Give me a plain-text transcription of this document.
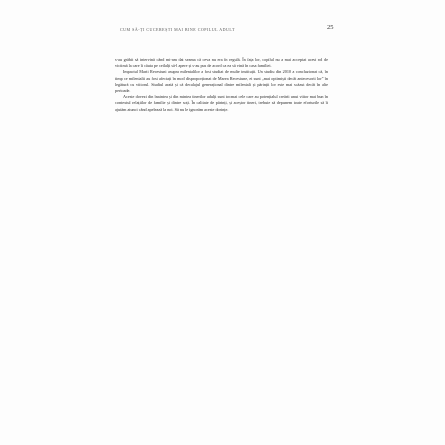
CUM SĂ-ȚI CUCEREȘTI MAI BINE COPILUL ADULT	25

s-au grăbit să intervină când mi-am dat seama că ceva nu era în regulă. În fața lor, copilul nu a mai acceptat acest rol de victimă la care îi căuta pe ceilalți să-l apere și s-au pus de acord ca ea să vină în casa familiei.

Impactul Marii Recesiuni asupra milenialilor a fost studiat de multe instituții. Un studiu din 2010 a concluzionat că, în timp ce milenialii au fost afectați în mod disproporționat de Marea Recesiune, ei sunt „mai optimiști decât antecesorii lor” în legătură cu viitorul. Studiul arată și că decalajul generațional dintre mileniali și părinții lor este mai scăzut decât în alte perioade.

Aceste dovezi din înaintea și din mintea tinerilor adulți sunt tocmai cele care au potențialul creării unui viitor mai bun în contextul relațiilor de familie și dintre soți. În calitate de părinți, și aceștor tineri, trebuie să depunem toate eforturile să îi ajutăm atunci când apelează la noi. Să nu le ignorăm aceste dorințe.
